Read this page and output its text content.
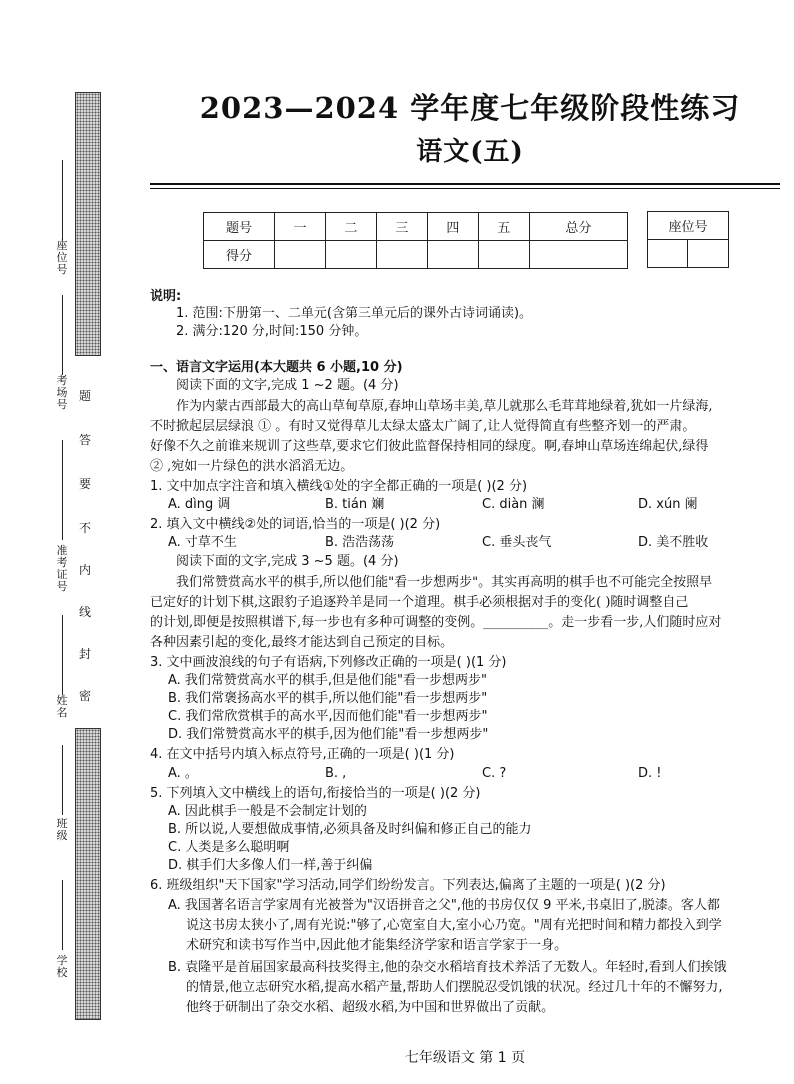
题
答
要
不
内
线
封
密
座
位
号
考
场
号
准
考
证
号
姓
名
班
级
学
校
2023—2024 学年度七年级阶段性练习
语文(五)
题号	一	二	三	四	五	总分
得分						
座位号

说明:
1. 范围:下册第一、二单元(含第三单元后的课外古诗词诵读)。
2. 满分:120 分,时间:150 分钟。
一、语言文字运用(本大题共 6 小题,10 分)
阅读下面的文字,完成 1 ~2 题。(4 分)
作为内蒙古西部最大的高山草甸草原,春坤山草场丰美,草儿就那么毛茸茸地绿着,犹如一片绿海,
不时掀起层层绿浪 ① 。有时又觉得草儿太绿太盛太广阔了,让人觉得简直有些整齐划一的严肃。
好像不久之前谁来规训了这些草,要求它们彼此监督保持相同的绿度。啊,春坤山草场连绵起伏,绿得
② ,宛如一片绿色的洪水滔滔无边。
1. 文中加点字注音和填入横线①处的字全都正确的一项是( )(2 分)
A. dìng 调	B. tián 斓	C. diàn 澜	D. xún 阑
2. 填入文中横线②处的词语,恰当的一项是( )(2 分)
A. 寸草不生	B. 浩浩荡荡	C. 垂头丧气	D. 美不胜收
阅读下面的文字,完成 3 ~5 题。(4 分)
我们常赞赏高水平的棋手,所以他们能"看一步想两步"。其实再高明的棋手也不可能完全按照早
已定好的计划下棋,这跟豹子追逐羚羊是同一个道理。棋手必须根据对手的变化( )随时调整自己
的计划,即便是按照棋谱下,每一步也有多种可调整的变例。__________。走一步看一步,人们随时应对
各种因素引起的变化,最终才能达到自己预定的目标。
3. 文中画波浪线的句子有语病,下列修改正确的一项是( )(1 分)
A. 我们常赞赏高水平的棋手,但是他们能"看一步想两步"
B. 我们常褒扬高水平的棋手,所以他们能"看一步想两步"
C. 我们常欣赏棋手的高水平,因而他们能"看一步想两步"
D. 我们常赞赏高水平的棋手,因为他们能"看一步想两步"
4. 在文中括号内填入标点符号,正确的一项是( )(1 分)
A. 。	B. ,	C. ?	D. !
5. 下列填入文中横线上的语句,衔接恰当的一项是( )(2 分)
A. 因此棋手一般是不会制定计划的
B. 所以说,人要想做成事情,必须具备及时纠偏和修正自己的能力
C. 人类是多么聪明啊
D. 棋手们大多像人们一样,善于纠偏
6. 班级组织"天下国家"学习活动,同学们纷纷发言。下列表达,偏离了主题的一项是( )(2 分)
A. 我国著名语言学家周有光被誉为"汉语拼音之父",他的书房仅仅 9 平米,书桌旧了,脱漆。客人都
说这书房太狭小了,周有光说:"够了,心宽室自大,室小心乃宽。"周有光把时间和精力都投入到学
术研究和读书写作当中,因此他才能集经济学家和语言学家于一身。
B. 袁隆平是首届国家最高科技奖得主,他的杂交水稻培育技术养活了无数人。年轻时,看到人们挨饿
的情景,他立志研究水稻,提高水稻产量,帮助人们摆脱忍受饥饿的状况。经过几十年的不懈努力,
他终于研制出了杂交水稻、超级水稻,为中国和世界做出了贡献。
七年级语文 第 1 页
